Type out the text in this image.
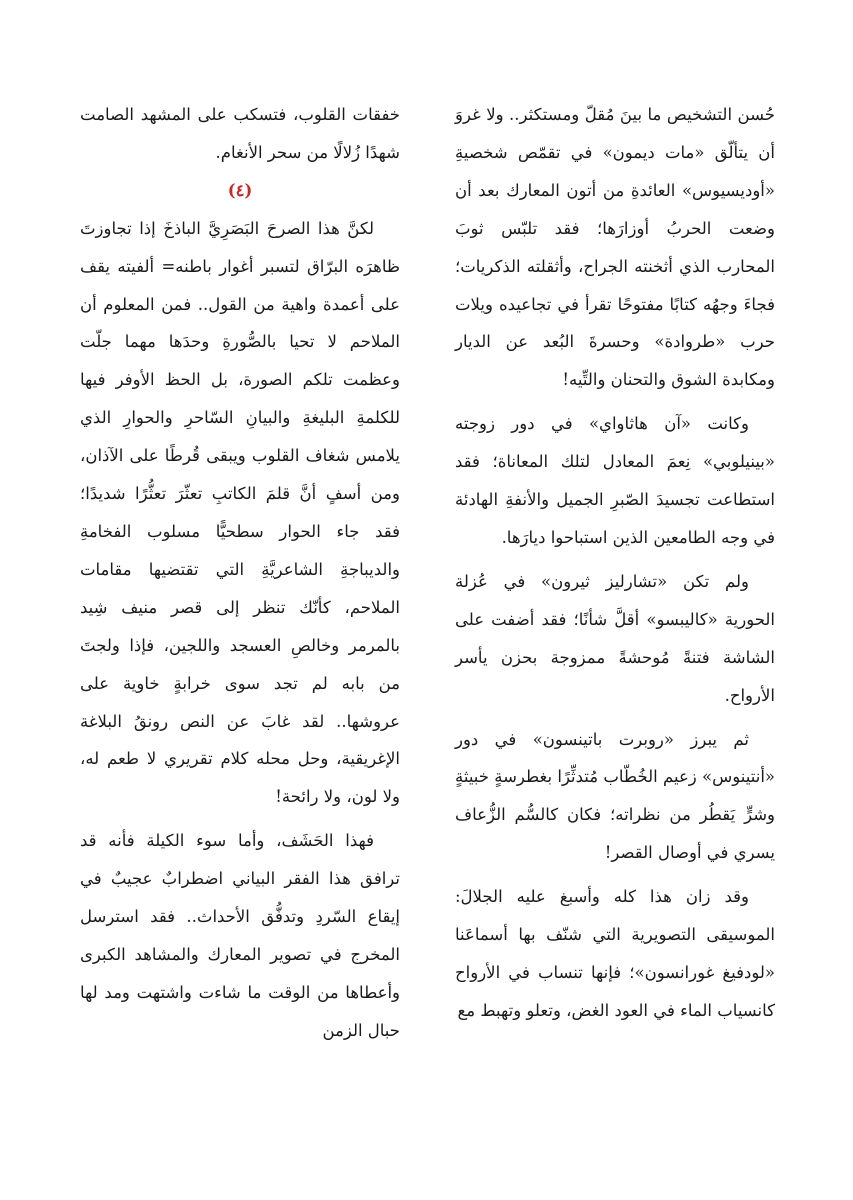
حُسن التشخيص ما بينَ مُقلّ ومستكثر.. ولا غروَ أن يتألّق «مات ديمون» في تقمّص شخصيةِ «أوديسيوس» العائدةِ من أتون المعارك بعد أن وضعت الحربُ أوزارَها؛ فقد تلبّس ثوبَ المحارب الذي أثخنته الجراح، وأثقلته الذكريات؛ فجاءَ وجهُه كتابًا مفتوحًا تقرأ في تجاعيده ويلات حرب «طروادة» وحسرةَ البُعد عن الديار ومكابدة الشوق والتحنان والتِّيه!

وكانت «آن هاثاواي» في دور زوجته «بينيلوبي» نِعمَ المعادل لتلك المعاناة؛ فقد استطاعت تجسيدَ الصّبرِ الجميل والأنفةِ الهادئة في وجه الطامعين الذين استباحوا ديارَها.

ولم تكن «تشارليز ثيرون» في عُزلة الحورية «كاليبسو» أقلَّ شأنًا؛ فقد أضفت على الشاشة فتنةً مُوحشةً ممزوجة بحزن يأسر الأرواح.

ثم يبرز «روبرت باتينسون» في دور «أنتينوس» زعيم الخُطّاب مُتدثِّرًا بغطرسةٍ خبيثةٍ وشرٍّ يَقطُر من نظراته؛ فكان كالسُّم الزُّعاف يسري في أوصال القصر!

وقد زان هذا كله وأسبغ عليه الجلالَ: الموسيقى التصويرية التي شنّف بها أسماعَنا «لودفيغ غورانسون»؛ فإنها تنساب في الأرواح كانسياب الماء في العود الغض، وتعلو وتهبط مع

خفقات القلوب، فتسكب على المشهد الصامت شهدًا زُلالًا من سحر الأنغام.

(٤)

لكنَّ هذا الصرحَ البَصَرِيَّ الباذخَ إذا تجاوزتَ ظاهرَه البرّاق لتسبر أغوار باطنه= ألفيته يقف على أعمدة واهية من القول.. فمن المعلوم أن الملاحم لا تحيا بالصُّورةِ وحدَها مهما جلّت وعظمت تلكم الصورة، بل الحظ الأوفر فيها للكلمةِ البليغةِ والبيانِ السّاحرِ والحوارِ الذي يلامس شغاف القلوب ويبقى قُرطًا على الآذان، ومن أسفٍ أنَّ قلمَ الكاتبِ تعثّرَ تعثُّرًا شديدًا؛ فقد جاء الحوار سطحيًّا مسلوب الفخامةِ والديباجةِ الشاعريَّةِ التي تقتضيها مقامات الملاحم، كأنّك تنظر إلى قصر منيف شِيد بالمرمر وخالصِ العسجد واللجين، فإذا ولجتَ من بابه لم تجد سوى خرابةٍ خاوية على عروشها.. لقد غابَ عن النص رونقُ البلاغة الإغريقية، وحل محله كلام تقريري لا طعم له، ولا لون، ولا رائحة!

فهذا الحَشَف، وأما سوء الكيلة فأنه قد ترافق هذا الفقر البياني اضطرابٌ عجيبٌ في إيقاع السّردِ وتدفُّق الأحداث.. فقد استرسل المخرج في تصوير المعارك والمشاهد الكبرى وأعطاها من الوقت ما شاءت واشتهت ومد لها حبال الزمن
